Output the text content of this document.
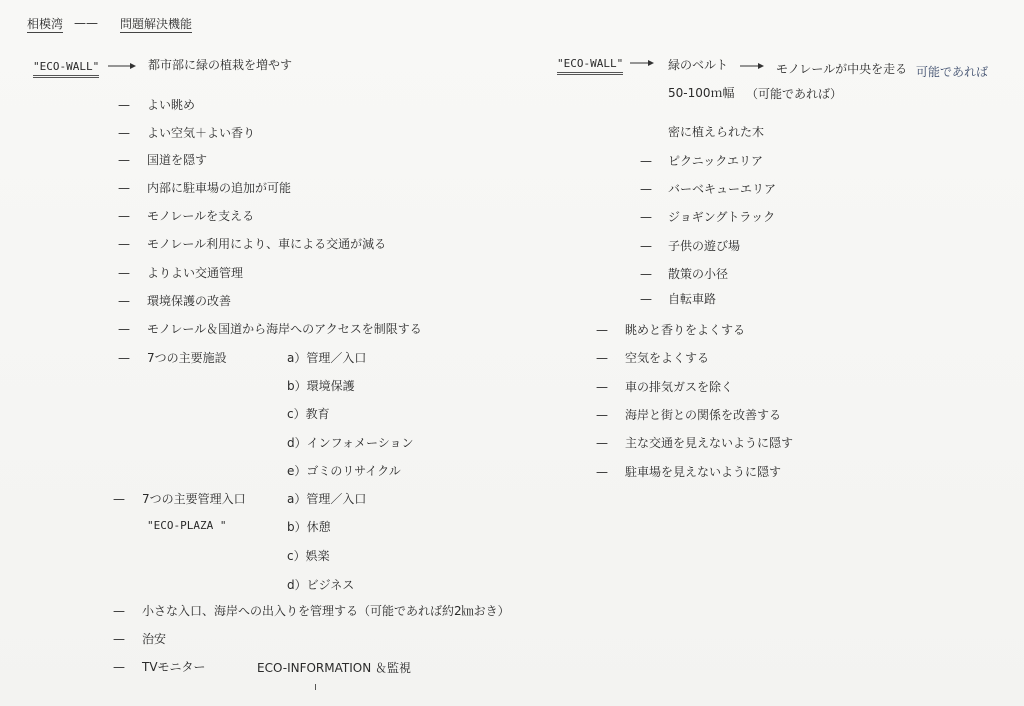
相模湾 —— 問題解決機能
"ECO-WALL"	都市部に緑の植栽を増やす
— よい眺め
— よい空気＋よい香り
— 国道を隠す
— 内部に駐車場の追加が可能
— モノレールを支える
— モノレール利用により、車による交通が減る
— よりよい交通管理
— 環境保護の改善
— モノレール＆国道から海岸へのアクセスを制限する
— 7つの主要施設	a）管理／入口
b）環境保護
c）教育
d）インフォメーション
e）ゴミのリサイクル
— 7つの主要管理入口
"ECO-PLAZA "
a）管理／入口
b）休憩
c）娯楽
d）ビジネス
— 小さな入口、海岸への出入りを管理する（可能であれば約2㎞おき）
— 治安
— TVモニター	ECO-INFORMATION ＆監視
"ECO-WALL"	緑のベルト	モノレールが中央を走る 可能であれば
50-100ｍ幅 （可能であれば）
密に植えられた木
— ピクニックエリア
— バーベキューエリア
— ジョギングトラック
— 子供の遊び場
— 散策の小径
— 自転車路
— 眺めと香りをよくする
— 空気をよくする
— 車の排気ガスを除く
— 海岸と街との関係を改善する
— 主な交通を見えないように隠す
— 駐車場を見えないように隠す
